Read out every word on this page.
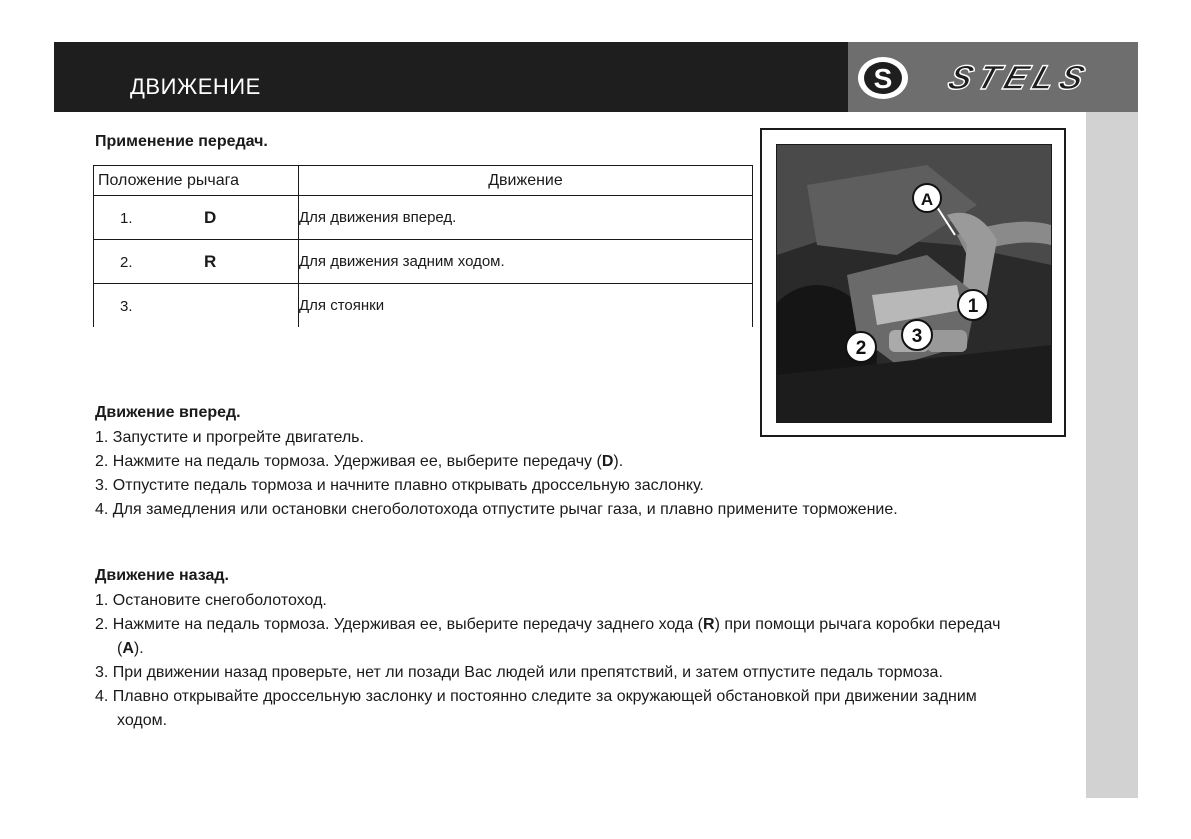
ДВИЖЕНИЕ	S STELS
Применение передач.
Положение рычага	Движение
1. D	Для движения вперед.
2. R	Для движения задним ходом.
3.	Для стоянки
A
1
2
3
Движение вперед.
1. Запустите и прогрейте двигатель.
2. Нажмите на педаль тормоза. Удерживая ее, выберите передачу (D).
3. Отпустите педаль тормоза и начните плавно открывать дроссельную заслонку.
4. Для замедления или остановки снегоболотохода отпустите рычаг газа, и плавно примените торможение.
Движение назад.
1. Остановите снегоболотоход.
2. Нажмите на педаль тормоза. Удерживая ее, выберите передачу заднего хода (R) при помощи рычага коробки передач (A).
3. При движении назад проверьте, нет ли позади Вас людей или препятствий, и затем отпустите педаль тормоза.
4. Плавно открывайте дроссельную заслонку и постоянно следите за окружающей обстановкой при движении задним ходом.
